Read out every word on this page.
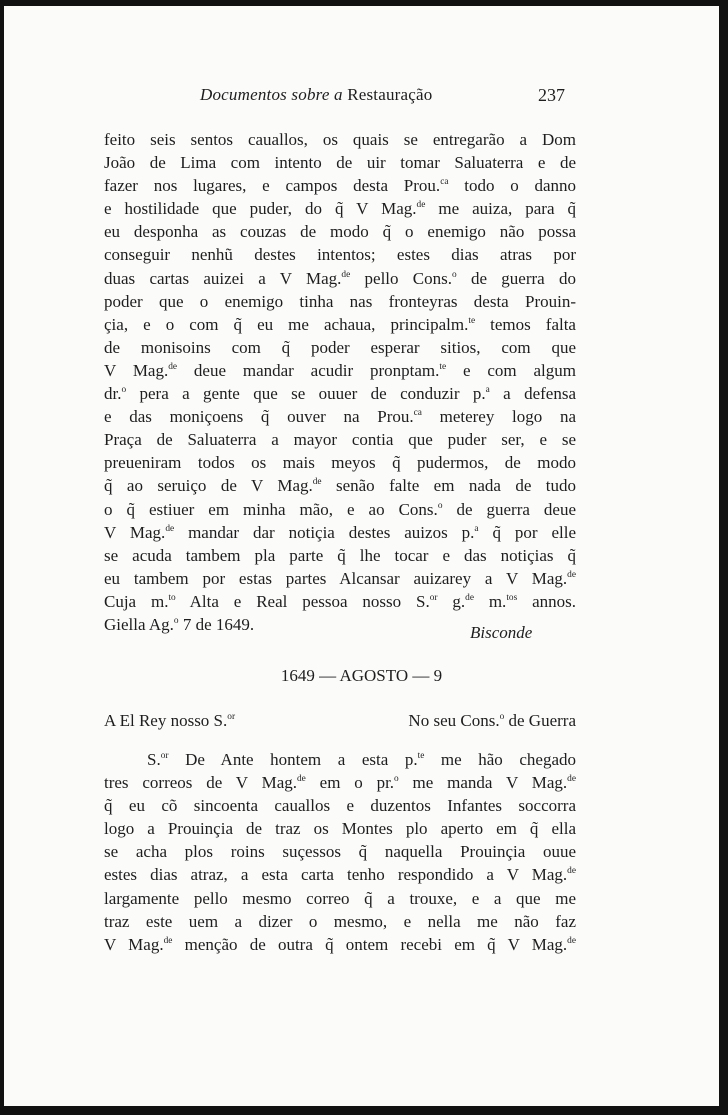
Documentos sobre a Restauração	237
feito seis sentos cauallos, os quais se entregarão a Dom
João de Lima com intento de uir tomar Saluaterra e de
fazer nos lugares, e campos desta Prou.$^{ca}$ todo o danno
e hostilidade que puder, do q̃ V Mag.$^{de}$ me auiza, para q̃
eu desponha as couzas de modo q̃ o enemigo não possa
conseguir nenhũ destes intentos; estes dias atras por
duas cartas auizei a V Mag.$^{de}$ pello Cons.$^o$ de guerra do
poder que o enemigo tinha nas fronteyras desta Prouin-
çia, e o com q̃ eu me achaua, principalm.$^{te}$ temos falta
de monisoins com q̃ poder esperar sitios, com que
V Mag.$^{de}$ deue mandar acudir pronptam.$^{te}$ e com algum
dr.$^o$ pera a gente que se ouuer de conduzir p.$^a$ a defensa
e das moniçoens q̃ ouver na Prou.$^{ca}$ meterey logo na
Praça de Saluaterra a mayor contia que puder ser, e se
preueniram todos os mais meyos q̃ pudermos, de modo
q̃ ao seruiço de V Mag.$^{de}$ senão falte em nada de tudo
o q̃ estiuer em minha mão, e ao Cons.$^o$ de guerra deue
V Mag.$^{de}$ mandar dar notiçia destes auizos p.$^a$ q̃ por elle
se acuda tambem pla parte q̃ lhe tocar e das notiçias q̃
eu tambem por estas partes Alcansar auizarey a V Mag.$^{de}$
Cuja m.$^{to}$ Alta e Real pessoa nosso S.$^{or}$ g.$^{de}$ m.$^{tos}$ annos.
Giella Ag.$^o$ 7 de 1649.	Bisconde
1649 — AGOSTO — 9
A El Rey nosso S.$^{or}$	No seu Cons.$^o$ de Guerra
S.$^{or}$ De Ante hontem a esta p.$^{te}$ me hão chegado
tres correos de V Mag.$^{de}$ em o pr.$^o$ me manda V Mag.$^{de}$
q̃ eu cõ sincoenta cauallos e duzentos Infantes soccorra
logo a Prouinçia de traz os Montes plo aperto em q̃ ella
se acha plos roins suçessos q̃ naquella Prouinçia ouue
estes dias atraz, a esta carta tenho respondido a V Mag.$^{de}$
largamente pello mesmo correo q̃ a trouxe, e a que me
traz este uem a dizer o mesmo, e nella me não faz
V Mag.$^{de}$ menção de outra q̃ ontem recebi em q̃ V Mag.$^{de}$
